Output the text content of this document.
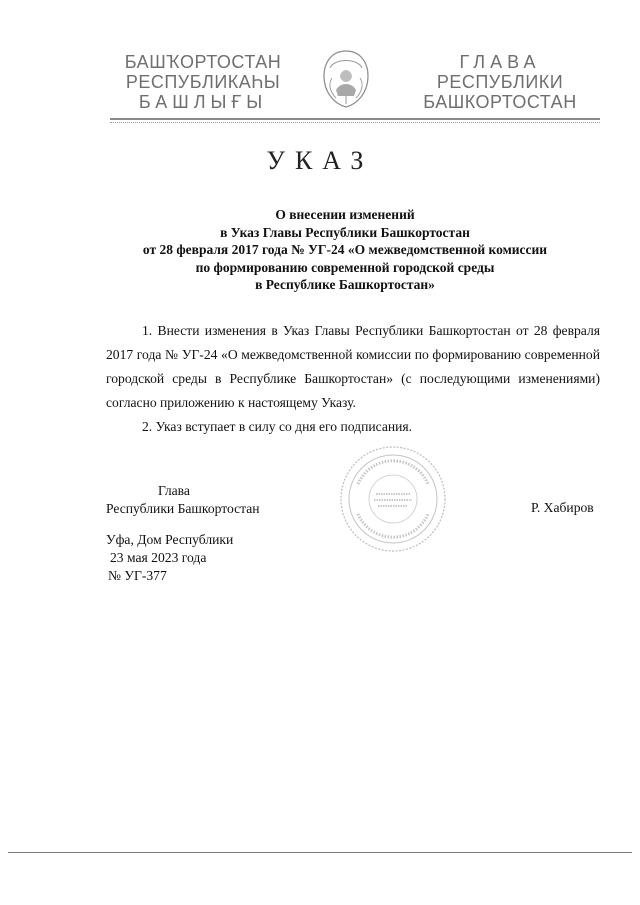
БАШҠОРТОСТАН
РЕСПУБЛИКАҺЫ
БАШЛЫҒЫ
ГЛАВА
РЕСПУБЛИКИ
БАШКОРТОСТАН
УКАЗ
О внесении изменений
в Указ Главы Республики Башкортостан
от 28 февраля 2017 года № УГ-24 «О межведомственной комиссии
по формированию современной городской среды
в Республике Башкортостан»

1. Внести изменения в Указ Главы Республики Башкортостан от 28 февраля 2017 года № УГ-24 «О межведомственной комиссии по формированию современной городской среды в Республике Башкортостан» (с последующими изменениями) согласно приложению к настоящему Указу.

2. Указ вступает в силу со дня его подписания.

Глава
Республики Башкортостан	Р. Хабиров
Уфа, Дом Республики
23 мая 2023 года
№ УГ-377
